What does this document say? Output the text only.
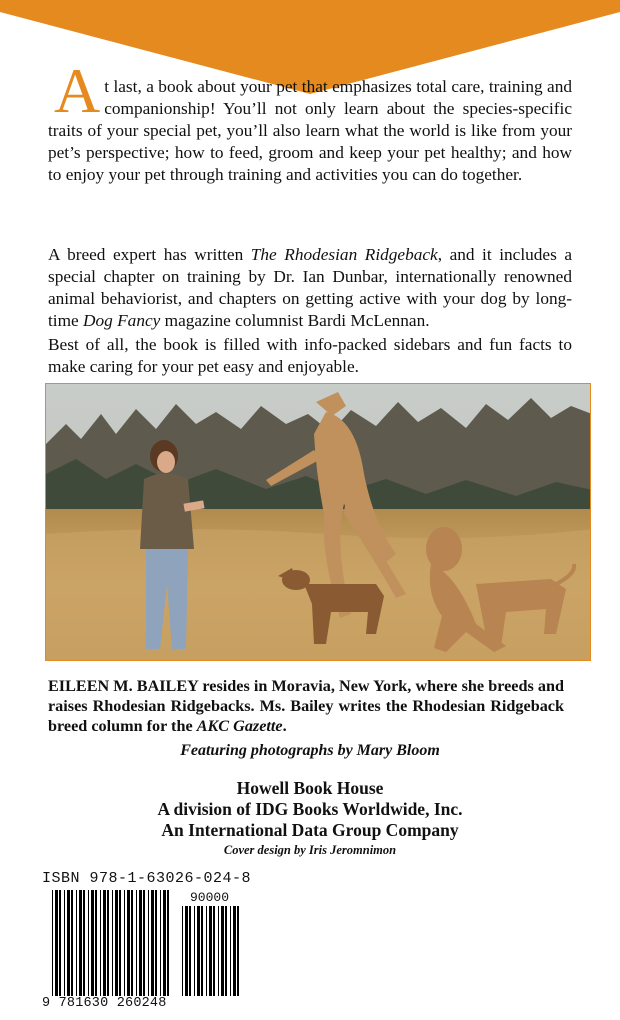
At last, a book about your pet that emphasizes total care, training and companionship! You’ll not only learn about the species-specific traits of your special pet, you’ll also learn what the world is like from your pet’s perspective; how to feed, groom and keep your pet healthy; and how to enjoy your pet through training and activities you can do together.

A breed expert has written The Rhodesian Ridgeback, and it includes a special chapter on training by Dr. Ian Dunbar, internationally renowned animal behaviorist, and chapters on getting active with your dog by long-time Dog Fancy magazine columnist Bardi McLennan.

Best of all, the book is filled with info-packed sidebars and fun facts to make caring for your pet easy and enjoyable.

EILEEN M. BAILEY resides in Moravia, New York, where she breeds and raises Rhodesian Ridgebacks. Ms. Bailey writes the Rhodesian Ridgeback breed column for the AKC Gazette.

Featuring photographs by Mary Bloom

Howell Book House
A division of IDG Books Worldwide, Inc.
An International Data Group Company

Cover design by Iris Jeromnimon

ISBN 978-1-63026-024-8
90000
9 781630 260248
